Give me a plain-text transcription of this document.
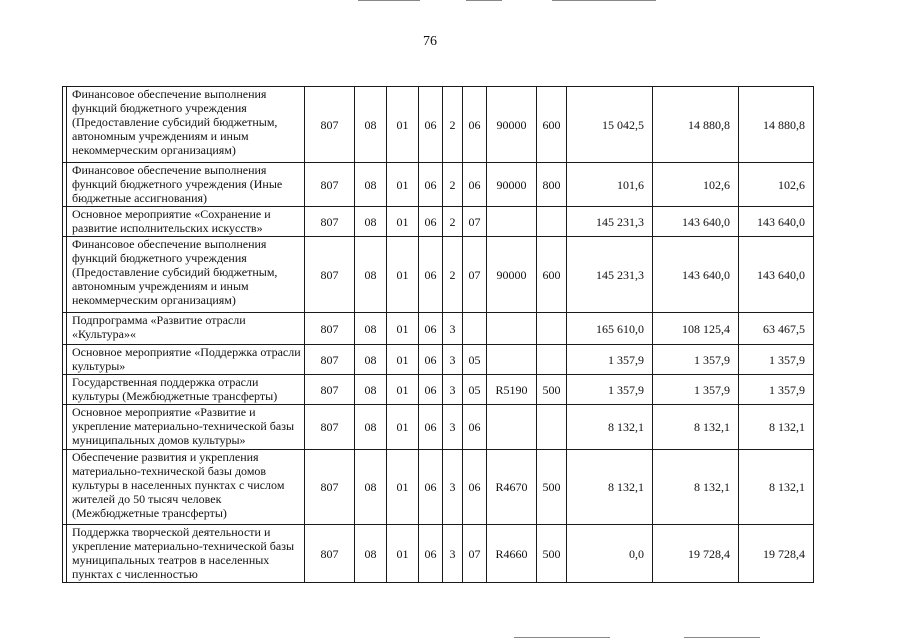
76
	Финансовое обеспечение выполнения функций бюджетного учреждения (Предоставление субсидий бюджетным, автономным учреждениям и иным некоммерческим организациям)	807	08	01	06	2	06	90000	600	15 042,5	14 880,8	14 880,8
	Финансовое обеспечение выполнения функций бюджетного учреждения (Иные бюджетные ассигнования)	807	08	01	06	2	06	90000	800	101,6	102,6	102,6
	Основное мероприятие «Сохранение и развитие исполнительских искусств»	807	08	01	06	2	07			145 231,3	143 640,0	143 640,0
	Финансовое обеспечение выполнения функций бюджетного учреждения (Предоставление субсидий бюджетным, автономным учреждениям и иным некоммерческим организациям)	807	08	01	06	2	07	90000	600	145 231,3	143 640,0	143 640,0
	Подпрограмма «Развитие отрасли «Культура»«	807	08	01	06	3				165 610,0	108 125,4	63 467,5
	Основное мероприятие «Поддержка отрасли культуры»	807	08	01	06	3	05			1 357,9	1 357,9	1 357,9
	Государственная поддержка отрасли культуры (Межбюджетные трансферты)	807	08	01	06	3	05	R5190	500	1 357,9	1 357,9	1 357,9
	Основное мероприятие «Развитие и укрепление материально-технической базы муниципальных домов культуры»	807	08	01	06	3	06			8 132,1	8 132,1	8 132,1
	Обеспечение развития и укрепления материально-технической базы домов культуры в населенных пунктах с числом жителей до 50 тысяч человек (Межбюджетные трансферты)	807	08	01	06	3	06	R4670	500	8 132,1	8 132,1	8 132,1
	Поддержка творческой деятельности и укрепление материально-технической базы муниципальных театров в населенных пунктах с численностью	807	08	01	06	3	07	R4660	500	0,0	19 728,4	19 728,4
